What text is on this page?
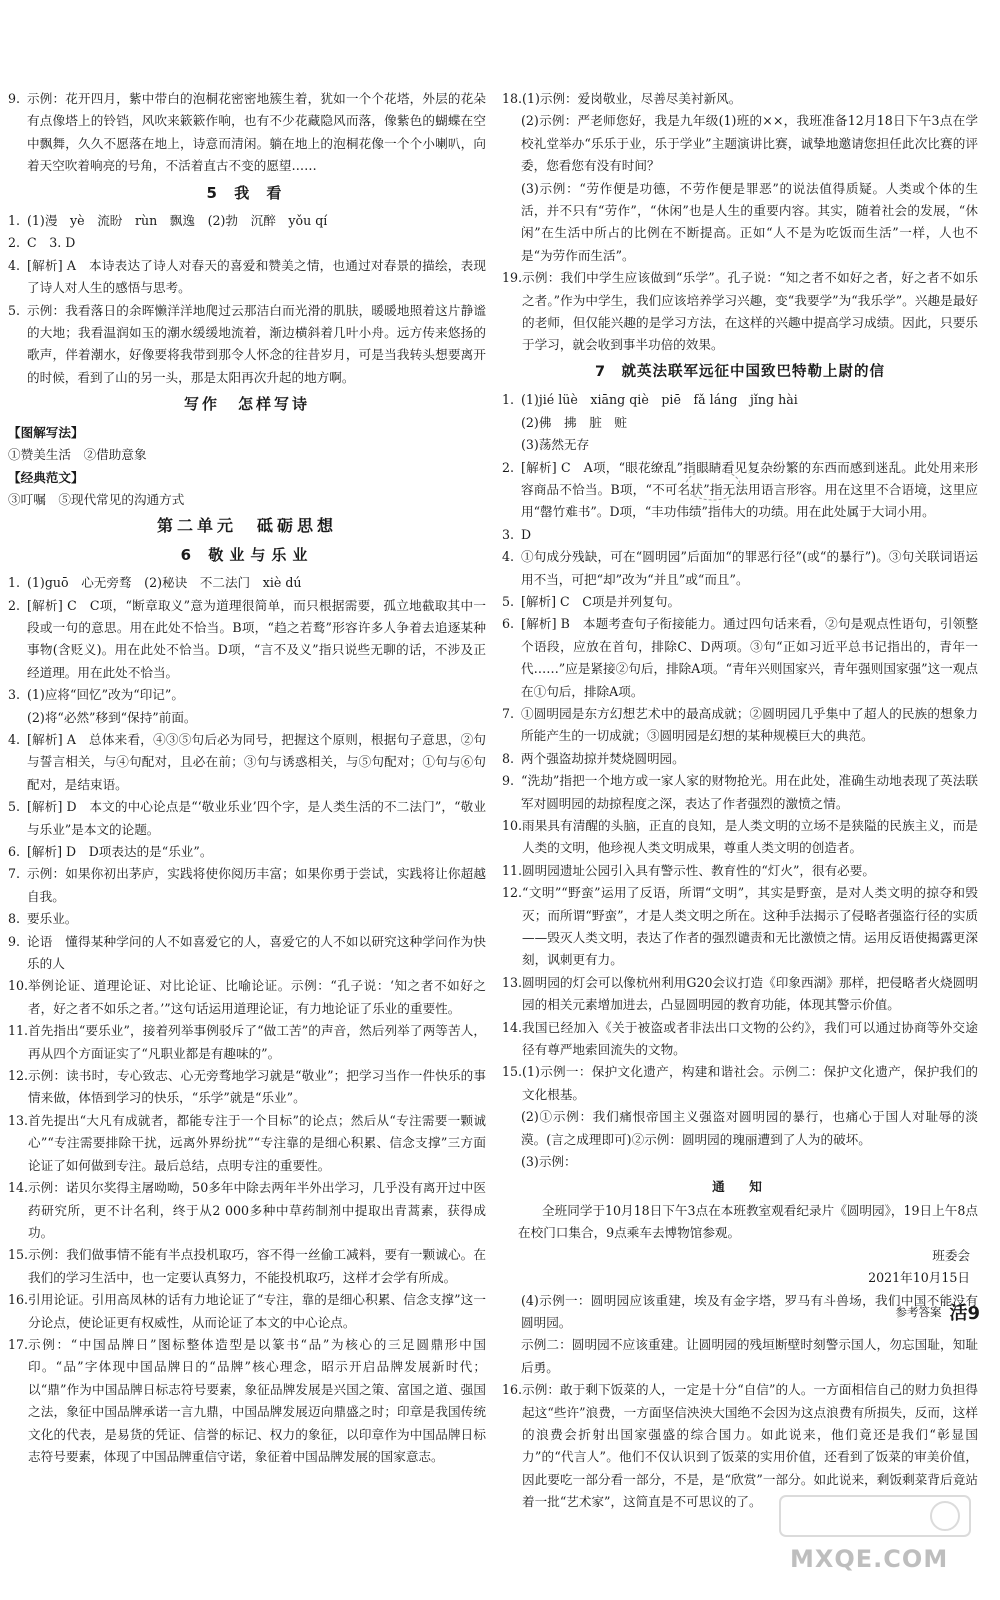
9. 示例：花开四月，紫中带白的泡桐花密密地簇生着，犹如一个个花塔，外层的花朵有点像塔上的铃铛，风吹来簌簌作响，也有不少花藏隐风而落，像紫色的蝴蝶在空中飘舞，久久不愿落在地上，诗意而清闲。躺在地上的泡桐花像一个个小喇叭，向着天空吹着响亮的号角，不活着直古不变的愿望……
5 我 看
1. (1)漫　yè　流盼　rùn　飘逸　(2)勃　沉醉　yǒu qí
2. C　3. D
4. [解析] A　本诗表达了诗人对春天的喜爱和赞美之情，也通过对春景的描绘，表现了诗人对人生的感悟与思考。
5. 示例：我看落日的余晖懒洋洋地爬过云那洁白而光滑的肌肤，暖暖地照着这片静谧的大地；我看温润如玉的潮水缓缓地流着，渐边横斜着几叶小舟。远方传来悠扬的歌声，伴着潮水，好像要将我带到那令人怀念的往昔岁月，可是当我转头想要离开的时候，看到了山的另一头，那是太阳再次升起的地方啊。
写作　怎样写诗
【图解写法】
①赞美生活　②借助意象
【经典范文】
③叮嘱　⑤现代常见的沟通方式
第二单元　砥砺思想
6 敬业与乐业
1. (1)guō　心无旁骛　(2)秘诀　不二法门　xiè dú
2. [解析] C　C项，“断章取义”意为道理很简单，而只根据需要，孤立地截取其中一段或一句的意思。用在此处不恰当。B项，“趋之若鹜”形容许多人争着去追逐某种事物(含贬义)。用在此处不恰当。D项，“言不及义”指只说些无聊的话，不涉及正经道理。用在此处不恰当。
3. (1)应将“回忆”改为“印记”。
(2)将“必然”移到“保持”前面。
4. [解析] A　总体来看，④③⑤句后必为同号，把握这个原则，根据句子意思，②句与誓言相关，与④句配对，且必在前；③句与诱惑相关，与⑤句配对；①句与⑥句配对，是结束语。
5. [解析] D　本文的中心论点是“‘敬业乐业’四个字，是人类生活的不二法门”，“敬业与乐业”是本文的论题。
6. [解析] D　D项表达的是“乐业”。
7. 示例：如果你初出茅庐，实践将使你阅历丰富；如果你勇于尝试，实践将让你超越自我。
8. 要乐业。
9. 论语　懂得某种学问的人不如喜爱它的人，喜爱它的人不如以研究这种学问作为快乐的人
10. 举例论证、道理论证、对比论证、比喻论证。示例：“孔子说：‘知之者不如好之者，好之者不如乐之者。’”这句话运用道理论证，有力地论证了乐业的重要性。
11. 首先指出“要乐业”，接着列举事例驳斥了“做工苦”的声音，然后列举了两等苦人，再从四个方面证实了“凡职业都是有趣味的”。
12. 示例：读书时，专心致志、心无旁骛地学习就是“敬业”；把学习当作一件快乐的事情来做，体悟到学习的快乐，“乐学”就是“乐业”。
13. 首先提出“大凡有成就者，都能专注于一个目标”的论点；然后从“专注需要一颗诚心”“专注需要排除干扰，远离外界纷扰”“专注靠的是细心积累、信念支撑”三方面论证了如何做到专注。最后总结，点明专注的重要性。
14. 示例：诺贝尔奖得主屠呦呦，50多年中除去两年半外出学习，几乎没有离开过中医药研究所，更不计名利，终于从2 000多种中草药制剂中提取出青蒿素，获得成功。
15. 示例：我们做事情不能有半点投机取巧，容不得一丝偷工减料，要有一颗诚心。在我们的学习生活中，也一定要认真努力，不能投机取巧，这样才会学有所成。
16. 引用论证。引用高凤林的话有力地论证了“专注，靠的是细心积累、信念支撑”这一分论点，使论证更有权威性，从而论证了本文的中心论点。
17. 示例：“中国品牌日”图标整体造型是以篆书“品”为核心的三足圆鼎形中国印。“品”字体现中国品牌日的“品牌”核心理念，昭示开启品牌发展新时代；以“鼎”作为中国品牌日标志符号要素，象征品牌发展是兴国之策、富国之道、强国之法，象征中国品牌承诺一言九鼎，中国品牌发展迈向鼎盛之时；印章是我国传统文化的代表，是易货的凭证、信誉的标记、权力的象征，以印章作为中国品牌日标志符号要素，体现了中国品牌重信守诺，象征着中国品牌发展的国家意志。
18. (1)示例：爱岗敬业，尽善尽美衬新风。
(2)示例：严老师您好，我是九年级(1)班的××，我班准备12月18日下午3点在学校礼堂举办“乐乐于业，乐于学业”主题演讲比赛，诚挚地邀请您担任此次比赛的评委，您看您有没有时间？
(3)示例：“劳作便是功德，不劳作便是罪恶”的说法值得质疑。人类或个体的生活，并不只有“劳作”，“休闲”也是人生的重要内容。其实，随着社会的发展，“休闲”在生活中所占的比例在不断提高。正如“人不是为吃饭而生活”一样，人也不是“为劳作而生活”。
19. 示例：我们中学生应该做到“乐学”。孔子说：“知之者不如好之者，好之者不如乐之者。”作为中学生，我们应该培养学习兴趣，变“我要学”为“我乐学”。兴趣是最好的老师，但仅能兴趣的是学习方法，在这样的兴趣中提高学习成绩。因此，只要乐于学习，就会收到事半功倍的效果。
7　就英法联军远征中国致巴特勒上尉的信
1. (1)jié lüè　xiāng qiè　piē　fǎ láng　jǐng hài
(2)佛　拂　脏　赃
(3)荡然无存
2. [解析] C　A项，“眼花缭乱”指眼睛看见复杂纷繁的东西而感到迷乱。此处用来形容商品不恰当。B项，“不可名状”指无法用语言形容。用在这里不合语境，这里应用“罄竹难书”。D项，“丰功伟绩”指伟大的功绩。用在此处属于大词小用。
3. D
4. ①句成分残缺，可在“圆明园”后面加“的罪恶行径”(或“的暴行”)。③句关联词语运用不当，可把“却”改为“并且”或“而且”。
5. [解析] C　C项是并列复句。
6. [解析] B　本题考查句子衔接能力。通过四句话来看，②句是观点性语句，引领整个语段，应放在首句，排除C、D两项。③句“正如习近平总书记指出的，青年一代……”应是紧接②句后，排除A项。“青年兴则国家兴，青年强则国家强”这一观点在①句后，排除A项。
7. ①圆明园是东方幻想艺术中的最高成就；②圆明园几乎集中了超人的民族的想象力所能产生的一切成就；③圆明园是幻想的某种规模巨大的典范。
8. 两个强盗劫掠并焚烧圆明园。
9. “洗劫”指把一个地方或一家人家的财物抢光。用在此处，准确生动地表现了英法联军对圆明园的劫掠程度之深，表达了作者强烈的激愤之情。
10. 雨果具有清醒的头脑，正直的良知，是人类文明的立场不是狭隘的民族主义，而是人类的文明，他珍视人类文明成果，尊重人类文明的创造者。
11. 圆明园遗址公园引入具有警示性、教育性的“灯火”，很有必要。
12. “文明”“野蛮”运用了反语，所谓“文明”，其实是野蛮，是对人类文明的掠夺和毁灭；而所谓“野蛮”，才是人类文明之所在。这种手法揭示了侵略者强盗行径的实质——毁灭人类文明，表达了作者的强烈谴责和无比激愤之情。运用反语使揭露更深刻，讽刺更有力。
13. 圆明园的灯会可以像杭州利用G20会议打造《印象西湖》那样，把侵略者火烧圆明园的相关元素增加进去，凸显圆明园的教育功能，体现其警示价值。
14. 我国已经加入《关于被盗或者非法出口文物的公约》，我们可以通过协商等外交途径有尊严地索回流失的文物。
15. (1)示例一：保护文化遗产，构建和谐社会。示例二：保护文化遗产，保护我们的文化根基。
(2)①示例：我们痛恨帝国主义强盗对圆明园的暴行，也痛心于国人对耻辱的淡漠。(言之成理即可)②示例：圆明园的瑰丽遭到了人为的破坏。
(3)示例：
通　知
全班同学于10月18日下午3点在本班教室观看纪录片《圆明园》，19日上午8点在校门口集合，9点乘车去博物馆参观。
班委会
2021年10月15日
(4)示例一：圆明园应该重建，埃及有金字塔，罗马有斗兽场，我们中国不能没有圆明园。
示例二：圆明园不应该重建。让圆明园的残垣断壁时刻警示国人，勿忘国耻，知耻后勇。
16. 示例：敢于剩下饭菜的人，一定是十分“自信”的人。一方面相信自己的财力负担得起这“些许”浪费，一方面坚信泱泱大国绝不会因为这点浪费有所损失，反而，这样的浪费会折射出国家强盛的综合国力。如此说来，他们竟还是我们“彰显国力”的“代言人”。他们不仅认识到了饭菜的实用价值，还看到了饭菜的审美价值，因此要吃一部分看一部分，不是，是“欣赏”一部分。如此说来，剩饭剩菜背后竟站着一批“艺术家”，这简直是不可思议的了。
参考答案 活9
MXQE.COM
